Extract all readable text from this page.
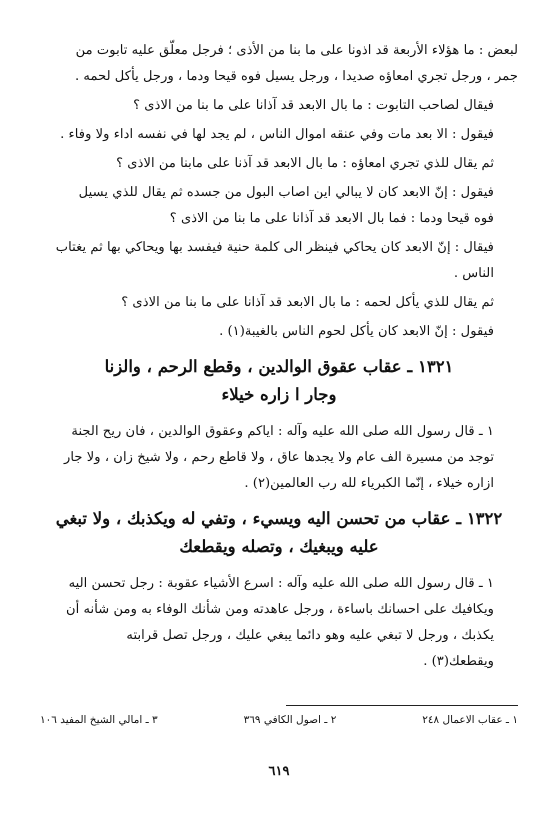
لبعض : ما هؤلاء الأربعة قد اذونا على ما بنا من الأذى ؛ فرجل معلّق عليه تابوت من
جمر ، ورجل تجري امعاؤه صديدا ، ورجل يسيل فوه قيحا ودما ، ورجل يأكل لحمه .

فيقال لصاحب التابوت : ما بال الابعد قد آذانا على ما بنا من الاذى ؟

فيقول : الا بعد مات وفي عنقه اموال الناس ، لم يجد لها في نفسه اداء ولا وفاء .

ثم يقال للذي تجري امعاؤه : ما بال الابعد قد آذنا على مابنا من الاذى ؟

فيقول : إنّ الابعد كان لا يبالي اين اصاب البول من جسده ثم يقال للذي يسيل
فوه قيحا ودما : فما بال الابعد قد آذانا على ما بنا من الاذى ؟

فيقال : إنّ الابعد كان يحاكي فينظر الى كلمة حنية فيفسد بها ويحاكي بها ثم يغتاب
الناس .

ثم يقال للذي يأكل لحمه : ما بال الابعد قد آذانا على ما بنا من الاذى ؟

فيقول : إنّ الابعد كان يأكل لحوم الناس بالغيبة(١) .

١٣٢١ ـ عقاب عقوق الوالدين ، وقطع الرحم ، والزنا
وجار ا زاره خيلاء

١ ـ قال رسول الله صلى الله عليه وآله : اياكم وعقوق الوالدين ، فان ريح الجنة
توجد من مسيرة الف عام ولا يجدها عاق ، ولا قاطع رحم ، ولا شيخ زان ، ولا جار
ازاره خيلاء ، إنّما الكبرياء لله رب العالمين(٢) .

١٣٢٢ ـ عقاب من تحسن اليه ويسيء ، وتفي له ويكذبك ، ولا تبغي
عليه ويبغيك ، وتصله ويقطعك

١ ـ قال رسول الله صلى الله عليه وآله : اسرع الأشياء عقوبة : رجل تحسن اليه
ويكافيك على احسانك باساءة ، ورجل عاهدته ومن شأنك الوفاء به ومن شأنه أن
يكذبك ، ورجل لا تبغي عليه وهو دائما يبغي عليك ، ورجل تصل قرابته
ويقطعك(٣) .

١ ـ عقاب الاعمال ٢٤٨
٢ ـ اصول الكافي ٣٦٩
٣ ـ امالي الشيخ المفيد ١٠٦
٦١٩
